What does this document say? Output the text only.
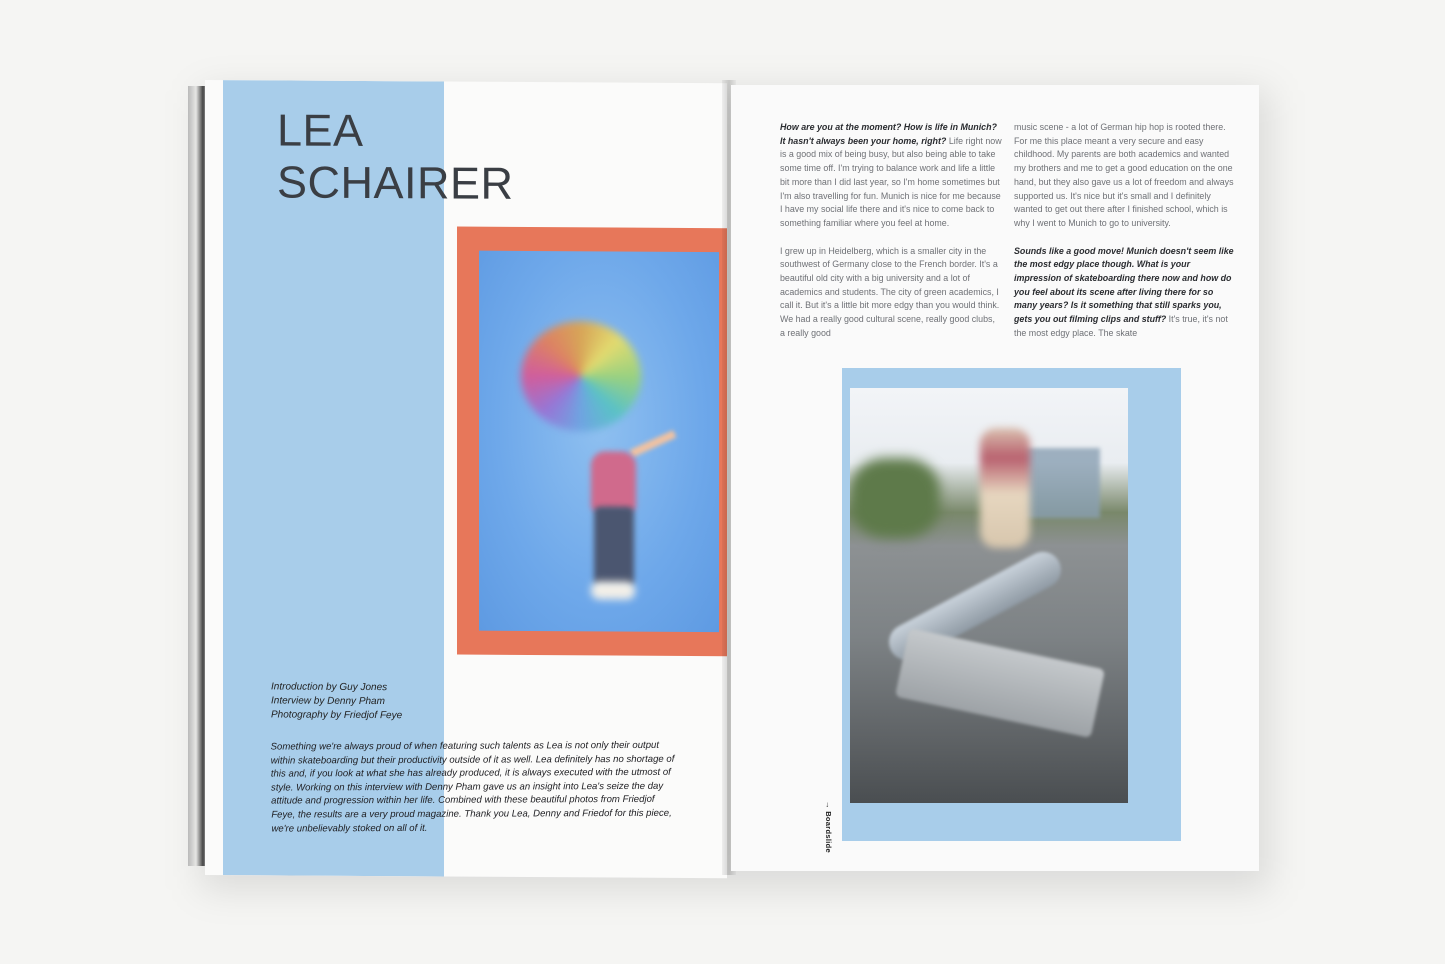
LEA
SCHAIRER
Introduction by Guy Jones
Interview by Denny Pham
Photography by Friedjof Feye
Something we're always proud of when featuring such talents as Lea is not only their output within skateboarding but their productivity outside of it as well. Lea definitely has no shortage of this and, if you look at what she has already produced, it is always executed with the utmost of style. Working on this interview with Denny Pham gave us an insight into Lea's seize the day attitude and progression within her life. Combined with these beautiful photos from Friedjof Feye, the results are a very proud magazine. Thank you Lea, Denny and Friedof for this piece, we're unbelievably stoked on all of it.

How are you at the moment? How is life in Munich? It hasn't always been your home, right? Life right now is a good mix of being busy, but also being able to take some time off. I'm trying to balance work and life a little bit more than I did last year, so I'm home sometimes but I'm also travelling for fun. Munich is nice for me because I have my social life there and it's nice to come back to something familiar where you feel at home.

I grew up in Heidelberg, which is a smaller city in the southwest of Germany close to the French border. It's a beautiful old city with a big university and a lot of academics and students. The city of green academics, I call it. But it's a little bit more edgy than you would think. We had a really good cultural scene, really good clubs, a really good

music scene - a lot of German hip hop is rooted there. For me this place meant a very secure and easy childhood. My parents are both academics and wanted my brothers and me to get a good education on the one hand, but they also gave us a lot of freedom and always supported us. It's nice but it's small and I definitely wanted to get out there after I finished school, which is why I went to Munich to go to university.

Sounds like a good move! Munich doesn't seem like the most edgy place though. What is your impression of skateboarding there now and how do you feel about its scene after living there for so many years? Is it something that still sparks you, gets you out filming clips and stuff? It's true, it's not the most edgy place. The skate

→ Boardslide
